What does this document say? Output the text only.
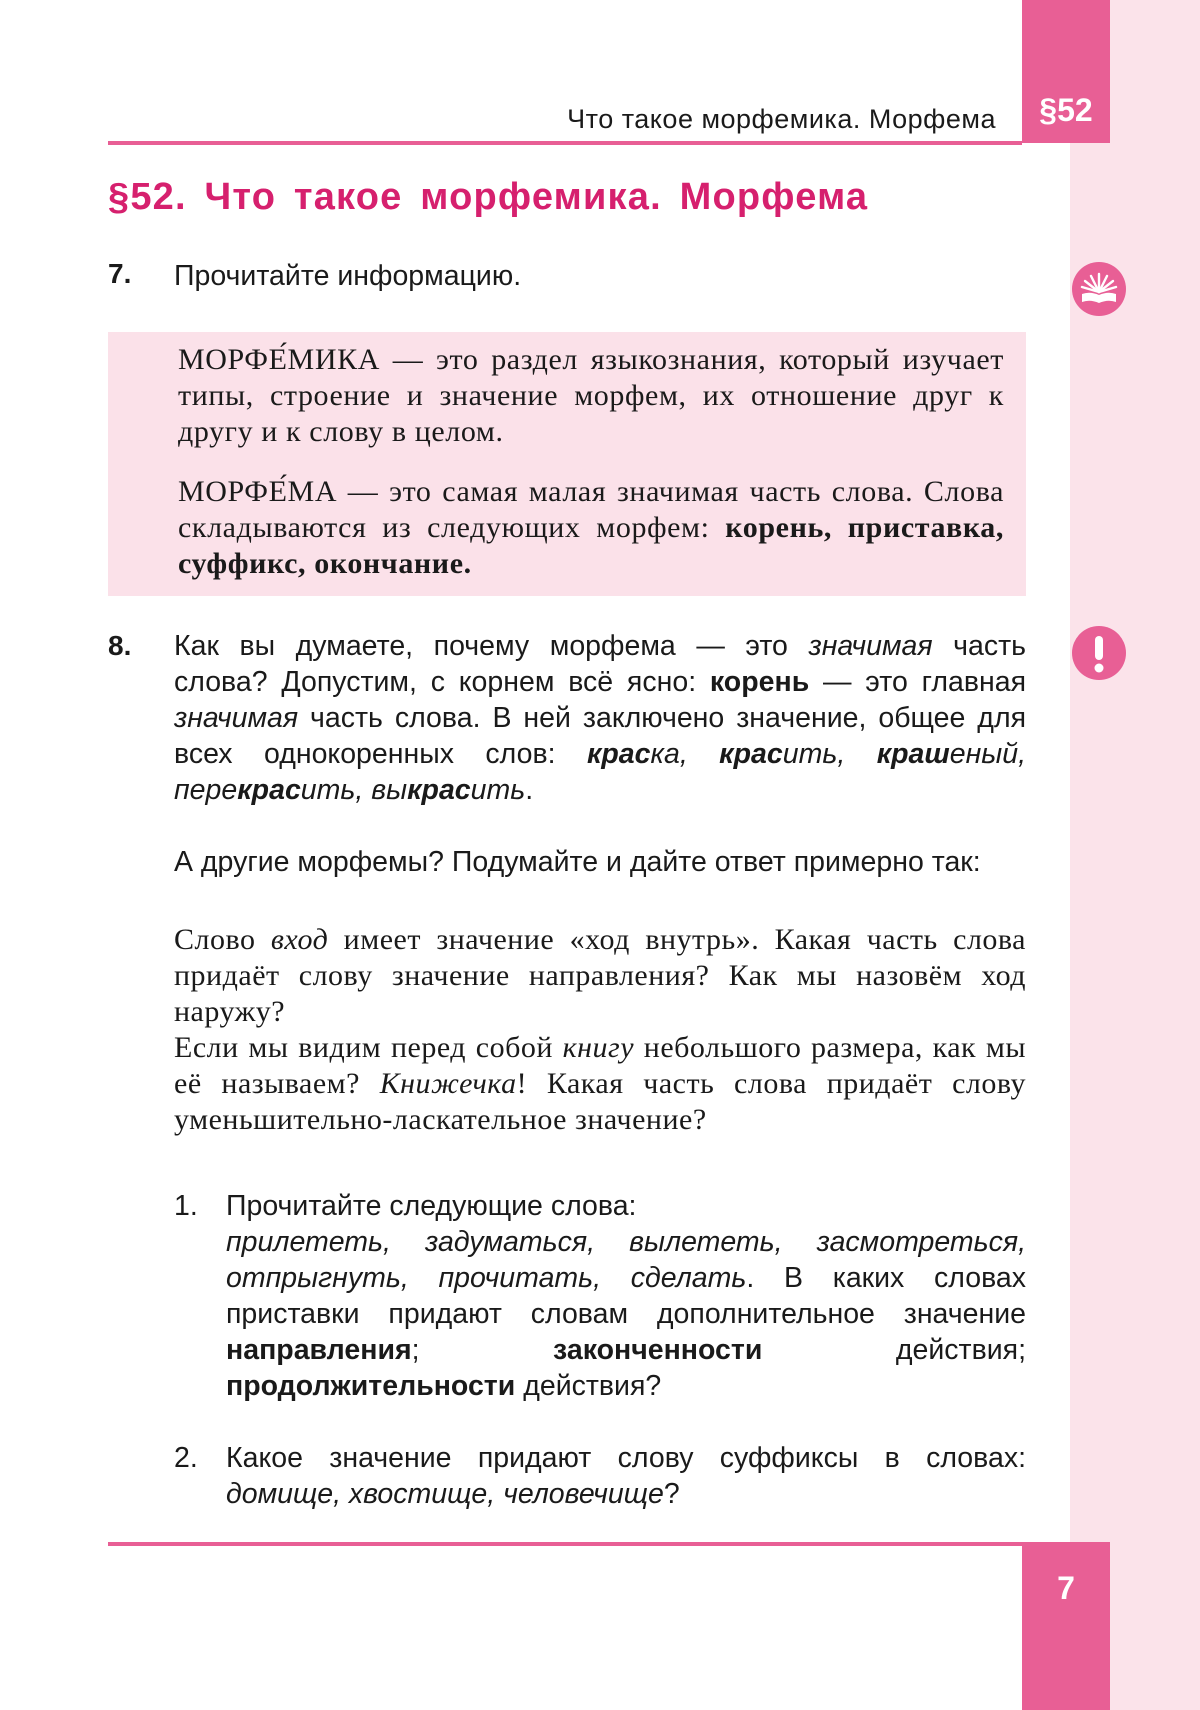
§52
7
Что такое морфемика. Морфема
§52. Что такое морфемика. Морфема
7. Прочитайте информацию.

МОРФЕ́МИКА — это раздел языкознания, который изучает типы, строение и значение морфем, их отношение друг к другу и к слову в целом.

МОРФЕ́МА — это самая малая значимая часть слова. Слова складываются из следующих морфем: корень, приставка, суффикс, окончание.

8. Как вы думаете, почему морфема — это значимая часть слова? Допустим, с корнем всё ясно: корень — это главная значимая часть слова. В ней заключено значение, общее для всех однокоренных слов: краска, красить, крашеный, перекрасить, выкрасить.

А другие морфемы? Подумайте и дайте ответ примерно так:

Слово вход имеет значение «ход внутрь». Какая часть слова придаёт слову значение направления? Как мы назовём ход наружу?

Если мы видим перед собой книгу небольшого размера, как мы её называем? Книжечка! Какая часть слова придаёт слову уменьшительно-ласкательное значение?

1. Прочитайте следующие слова:
прилететь, задуматься, вылететь, засмотреться, отпрыгнуть, прочитать, сделать. В каких словах приставки придают словам дополнительное значение направления; законченности действия; продолжительности действия?

2. Какое значение придают слову суффиксы в словах: домище, хвостище, человечище?
